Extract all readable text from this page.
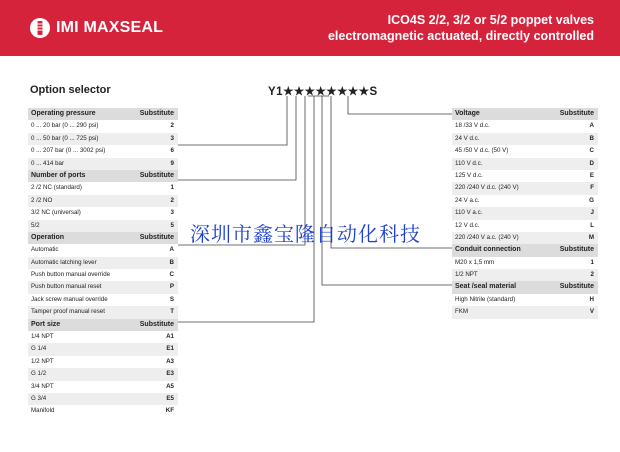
IMI MAXSEAL	ICO4S 2/2, 3/2 or 5/2 poppet valves
electromagnetic actuated, directly controlled
Option selector	Y1★★★★★★★★S
Operating pressure	Substitute
0 ... 20 bar (0 ... 290 psi)	2
0 ... 50 bar (0 ... 725 psi)	3
0 ... 207 bar (0 ... 3002 psi)	6
0 ... 414 bar	9
Number of ports	Substitute
2 /2 NC (standard)	1
2 /2 NO	2
3/2 NC (universal)	3
5/2	5
Operation	Substitute
Automatic	A
Automatic latching lever	B
Push button manual override	C
Push button manual reset	P
Jack screw manual override	S
Tamper proof manual reset	T
Port size	Substitute
1/4 NPT	A1
G 1/4	E1
1/2 NPT	A3
G 1/2	E3
3/4 NPT	A5
G 3/4	E5
Manifold	KF
Voltage	Substitute
18 /33 V d.c.	A
24 V d.c.	B
45 /50 V d.c. (50 V)	C
110 V d.c.	D
125 V d.c.	E
220 /240 V d.c. (240 V)	F
24 V a.c.	G
110 V a.c.	J
12 V d.c.	L
220 /240 V a.c. (240 V)	M
Conduit connection	Substitute
M20 x 1,5 mm	1
1/2 NPT	2
Seat /seal material	Substitute
High Nitrile (standard)	H
FKM	V
深圳市鑫宝隆自动化科技
